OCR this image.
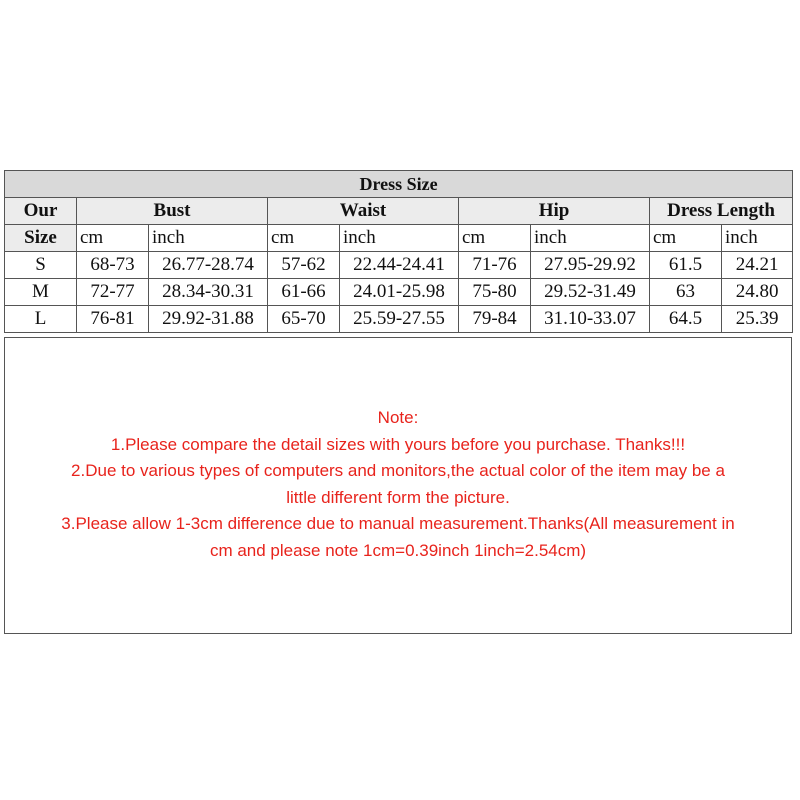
Dress Size								
Our	Bust		Waist		Hip		Dress Length	
Size	cm	inch	cm	inch	cm	inch	cm	inch
S	68-73	26.77-28.74	57-62	22.44-24.41	71-76	27.95-29.92	61.5	24.21
M	72-77	28.34-30.31	61-66	24.01-25.98	75-80	29.52-31.49	63	24.80
L	76-81	29.92-31.88	65-70	25.59-27.55	79-84	31.10-33.07	64.5	25.39
Note:
1.Please compare the detail sizes with yours before you purchase. Thanks!!!
2.Due to various types of computers and monitors,the actual color of the item may be a
little different form the picture.
3.Please allow 1-3cm difference due to manual measurement.Thanks(All measurement in
cm and please note 1cm=0.39inch 1inch=2.54cm)
